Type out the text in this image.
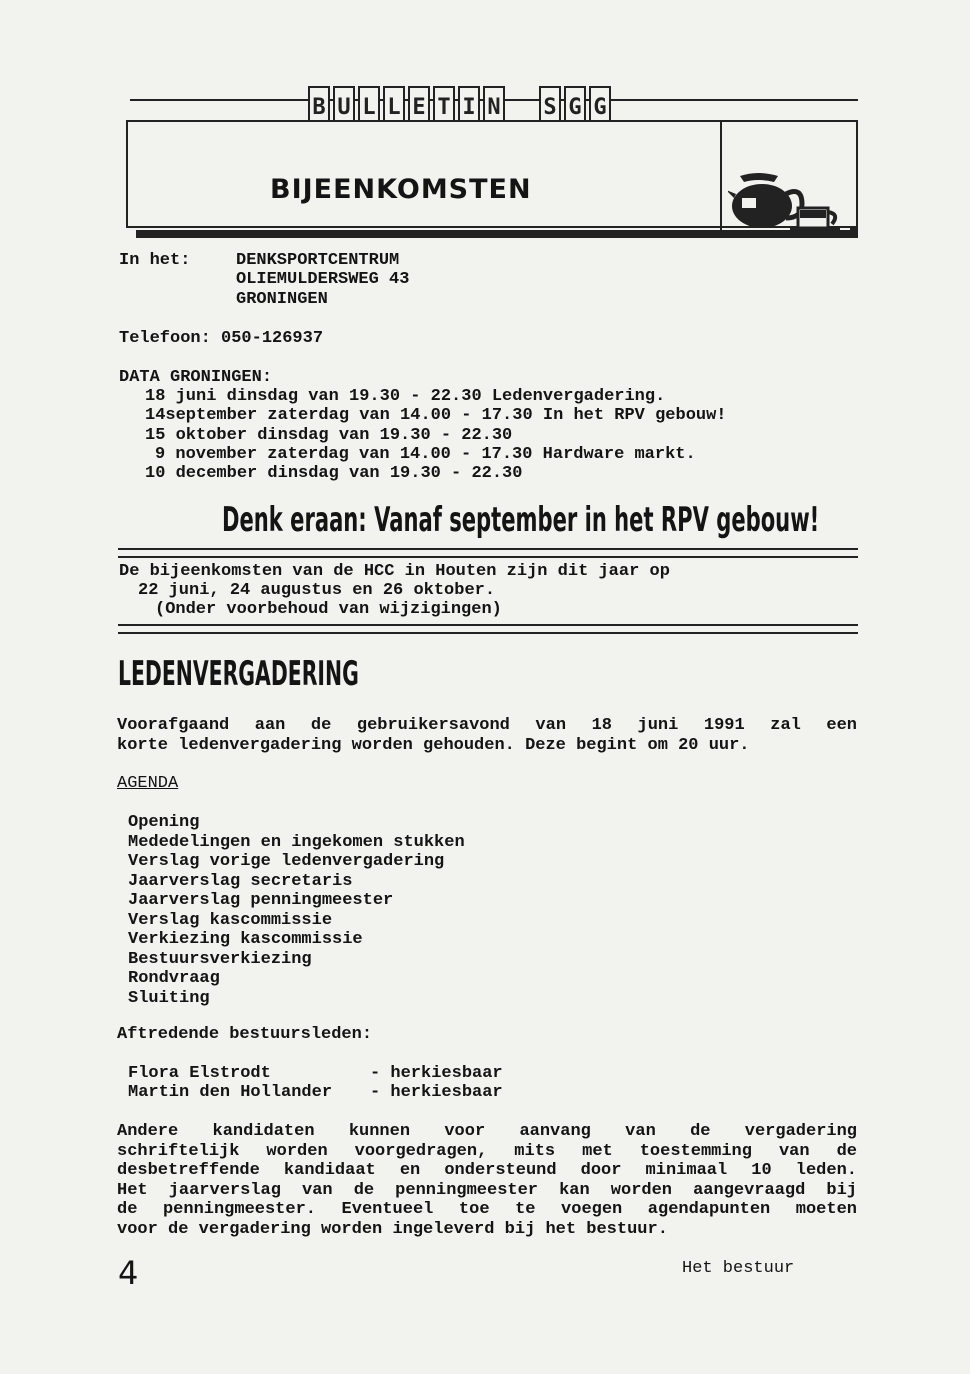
B U L L E T I N S G G
BIJEENKOMSTEN
In het:	DENKSPORTCENTRUM
OLIEMULDERSWEG 43
GRONINGEN
Telefoon: 050-126937
DATA GRONINGEN:
18 juni dinsdag van 19.30 - 22.30 Ledenvergadering.
14september zaterdag van 14.00 - 17.30 In het RPV gebouw!
15 oktober dinsdag van 19.30 - 22.30
9 november zaterdag van 14.00 - 17.30 Hardware markt.
10 december dinsdag van 19.30 - 22.30
Denk eraan: Vanaf september in het RPV gebouw!
De bijeenkomsten van de HCC in Houten zijn dit jaar op
22 juni, 24 augustus en 26 oktober.
(Onder voorbehoud van wijzigingen)
LEDENVERGADERING
Voorafgaand aan de gebruikersavond van 18 juni 1991 zal een
korte ledenvergadering worden gehouden. Deze begint om 20 uur.
AGENDA
Opening
Mededelingen en ingekomen stukken
Verslag vorige ledenvergadering
Jaarverslag secretaris
Jaarverslag penningmeester
Verslag kascommissie
Verkiezing kascommissie
Bestuursverkiezing
Rondvraag
Sluiting
Aftredende bestuursleden:
Flora Elstrodt	- herkiesbaar
Martin den Hollander - herkiesbaar
Andere kandidaten kunnen voor aanvang van de vergadering
schriftelijk worden voorgedragen, mits met toestemming van de
desbetreffende kandidaat en ondersteund door minimaal 10 leden.
Het jaarverslag van de penningmeester kan worden aangevraagd bij
de penningmeester. Eventueel toe te voegen agendapunten moeten
voor de vergadering worden ingeleverd bij het bestuur.
4	Het bestuur
